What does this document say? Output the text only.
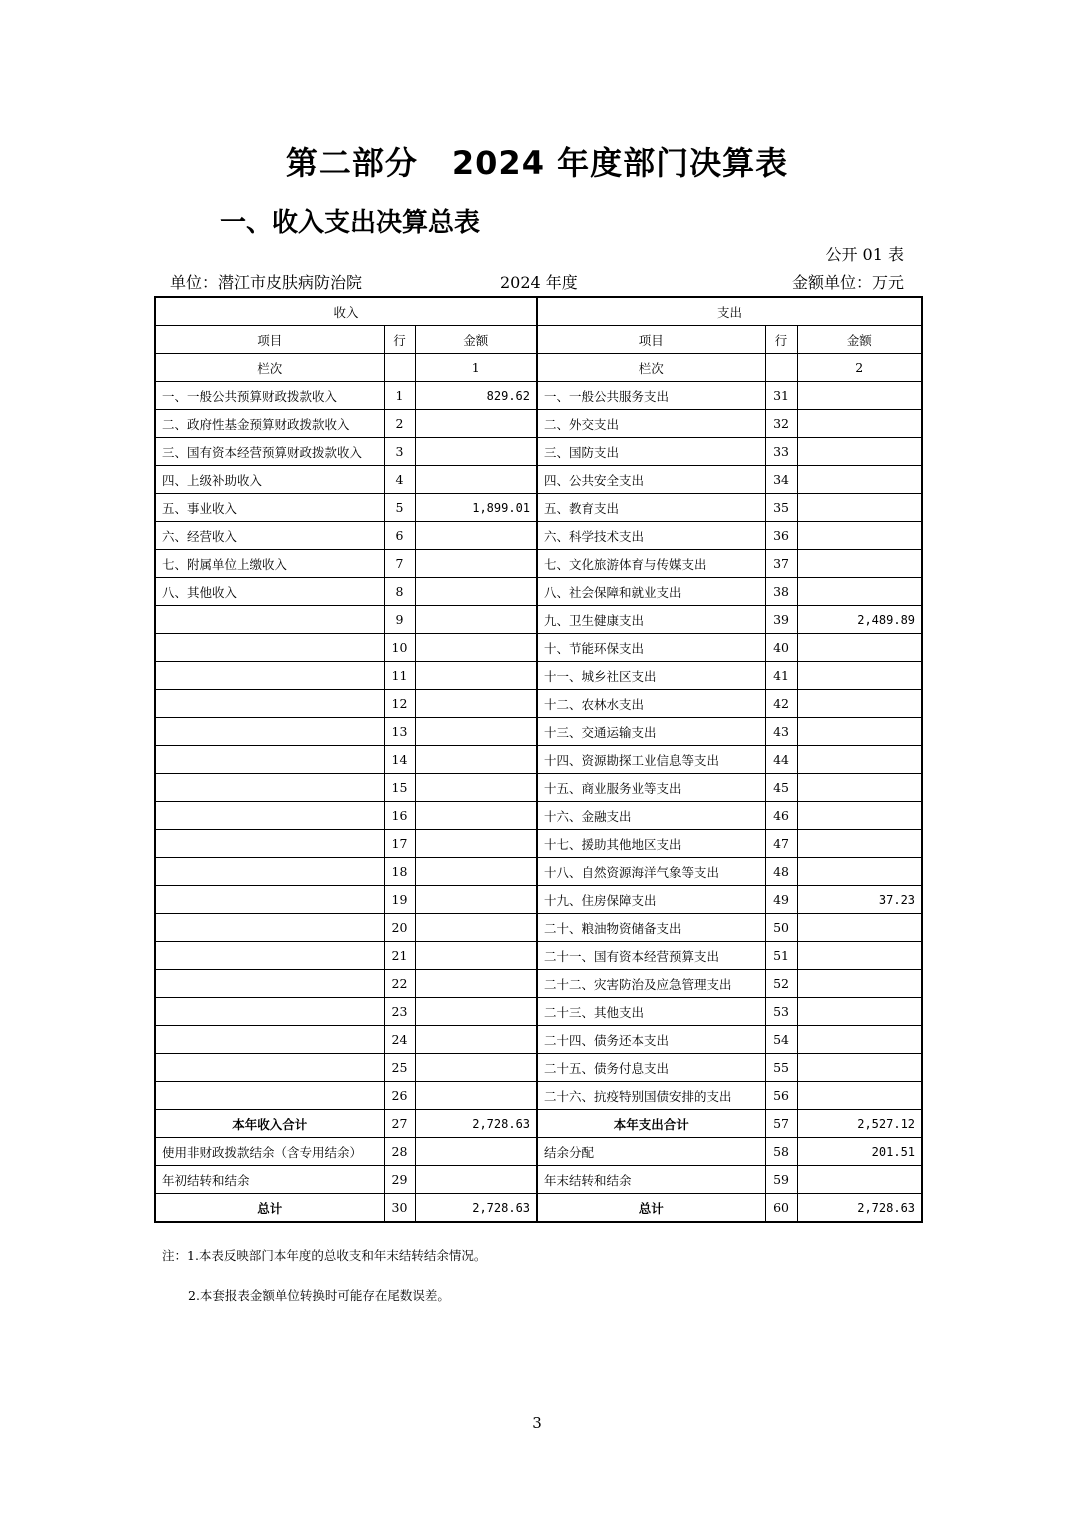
第二部分 2024 年度部门决算表
一、收入支出决算总表
公开 01 表
单位：潜江市皮肤病防治院	2024 年度	金额单位：万元
收入			支出		
项目	行	金额	项目	行	金额
栏次		1	栏次		2
一、一般公共预算财政拨款收入	1	829.62	一、一般公共服务支出	31	
二、政府性基金预算财政拨款收入	2		二、外交支出	32	
三、国有资本经营预算财政拨款收入	3		三、国防支出	33	
四、上级补助收入	4		四、公共安全支出	34	
五、事业收入	5	1,899.01	五、教育支出	35	
六、经营收入	6		六、科学技术支出	36	
七、附属单位上缴收入	7		七、文化旅游体育与传媒支出	37	
八、其他收入	8		八、社会保障和就业支出	38	
	9		九、卫生健康支出	39	2,489.89
	10		十、节能环保支出	40	
	11		十一、城乡社区支出	41	
	12		十二、农林水支出	42	
	13		十三、交通运输支出	43	
	14		十四、资源勘探工业信息等支出	44	
	15		十五、商业服务业等支出	45	
	16		十六、金融支出	46	
	17		十七、援助其他地区支出	47	
	18		十八、自然资源海洋气象等支出	48	
	19		十九、住房保障支出	49	37.23
	20		二十、粮油物资储备支出	50	
	21		二十一、国有资本经营预算支出	51	
	22		二十二、灾害防治及应急管理支出	52	
	23		二十三、其他支出	53	
	24		二十四、债务还本支出	54	
	25		二十五、债务付息支出	55	
	26		二十六、抗疫特别国债安排的支出	56	
本年收入合计	27	2,728.63	本年支出合计	57	2,527.12
使用非财政拨款结余（含专用结余）	28		结余分配	58	201.51
年初结转和结余	29		年末结转和结余	59	
总计	30	2,728.63	总计	60	2,728.63
注：1.本表反映部门本年度的总收支和年末结转结余情况。
2.本套报表金额单位转换时可能存在尾数误差。
3
